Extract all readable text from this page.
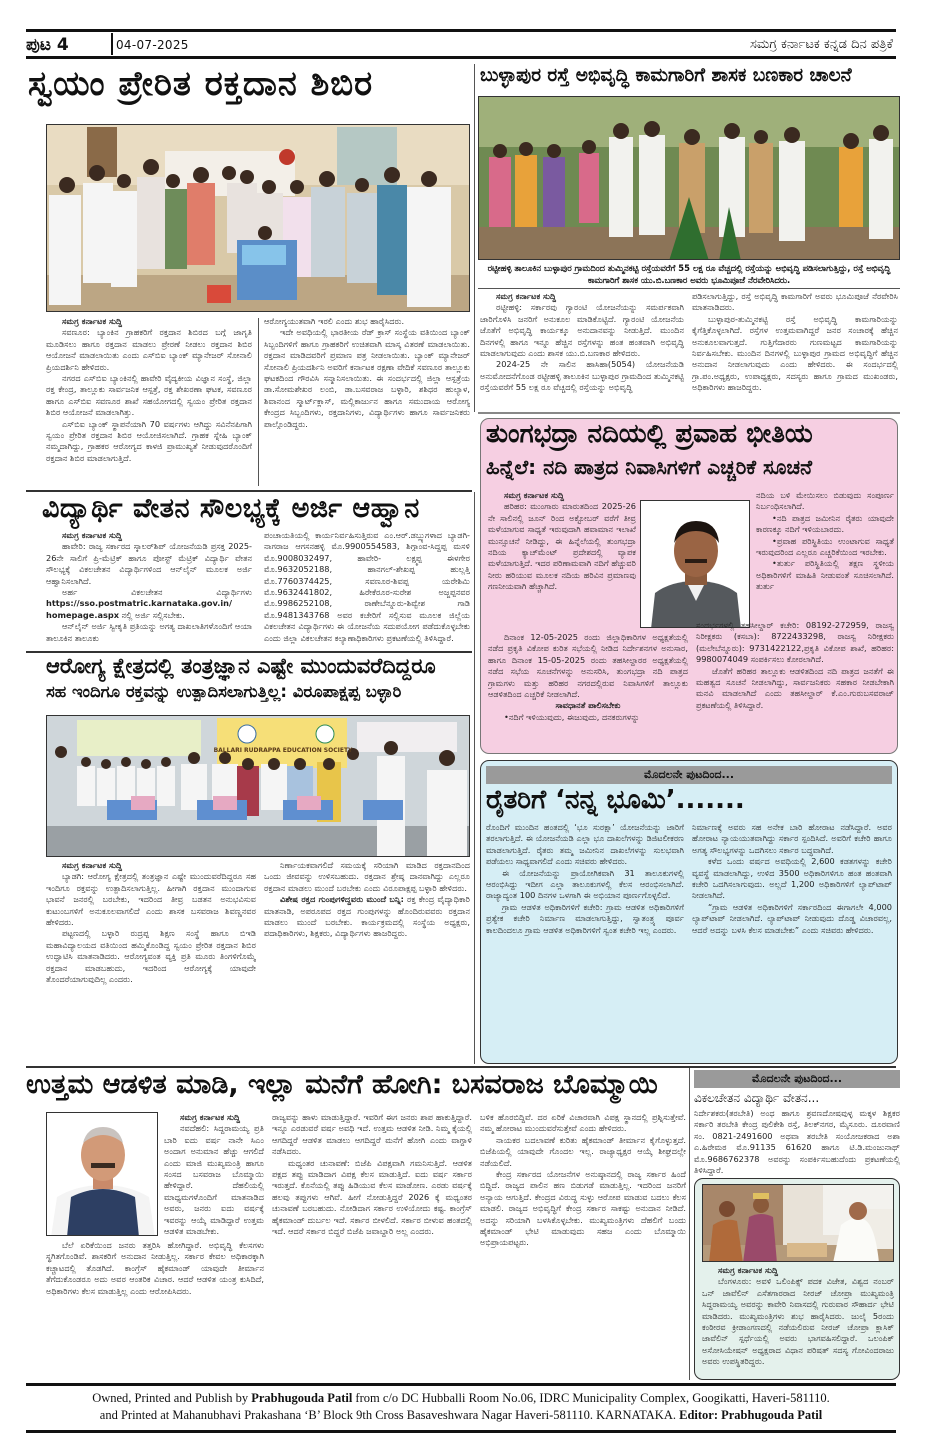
ಪುಟ 4	04-07-2025	ಸಮಗ್ರ ಕರ್ನಾಟಕ ಕನ್ನಡ ದಿನ ಪತ್ರಿಕೆ
ಸ್ವಯಂ ಪ್ರೇರಿತ ರಕ್ತದಾನ ಶಿಬಿರ
ಸಮಗ್ರ ಕರ್ನಾಟಕ ಸುದ್ದಿ

ಸವಣೂರ: ಬ್ಯಾಂಕಿನ ಗ್ರಾಹಕರಿಗೆ ರಕ್ತದಾನ ಶಿಬಿರದ ಬಗ್ಗೆ ಜಾಗೃತಿ ಮೂಡಿಸಲು ಹಾಗೂ ರಕ್ತದಾನ ಮಾಡಲು ಪ್ರೇರಣೆ ನೀಡಲು ರಕ್ತದಾನ ಶಿಬಿರ ಆಯೋಜನೆ ಮಾಡಲಾಯಿತು ಎಂದು ಎಸ್‌ಬಿಐ ಬ್ಯಾಂಕ್ ಮ್ಯಾನೇಜರ್ ಸೋನಾಲಿ ಪ್ರಿಯದರ್ಶಿನಿ ಹೇಳಿದರು.

ನಗರದ ಎಸ್‌ಬಿಐ ಬ್ಯಾಂಕಿನಲ್ಲಿ ಹಾವೇರಿ ವೈದ್ಯಕೀಯ ವಿಜ್ಞಾನ ಸಂಸ್ಥೆ, ಜಿಲ್ಲಾ ರಕ್ತ ಕೇಂದ್ರ, ತಾಲ್ಲೂಕು ಸಾರ್ವಜನಿಕ ಆಸ್ಪತ್ರೆ, ರಕ್ತ ಶೇಖರಣಾ ಘಟಕ, ಸವಣೂರ ಹಾಗೂ ಎಸ್‌ಬಿಐ ಸವಣೂರ ಶಾಖೆ ಸಹಯೋಗದಲ್ಲಿ ಸ್ವಯಂ ಪ್ರೇರಿತ ರಕ್ತದಾನ ಶಿಬಿರ ಆಯೋಜನೆ ಮಾಡಲಾಗಿತ್ತು.

ಎಸ್‌ಬಿಐ ಬ್ಯಾಂಕ್ ಸ್ಥಾಪನೆಯಾಗಿ 70 ವರ್ಷಗಳು ಆಗಿದ್ದು ಸವಿನೆನಪಿಗಾಗಿ ಸ್ವಯಂ ಪ್ರೇರಿತ ರಕ್ತದಾನ ಶಿಬಿರ ಆಯೋಜಿಸಲಾಗಿದೆ. ಗ್ರಾಹಕ ಸ್ನೇಹಿ ಬ್ಯಾಂಕ್ ನಮ್ಮದಾಗಿದ್ದು, ಗ್ರಾಹಕರ ಆರೋಗ್ಯದ ಕಾಳಜಿ ಪ್ರಾಮುಖ್ಯತೆ ನೀಡುವುದರೊಂದಿಗೆ ರಕ್ತದಾನ ಶಿಬಿರ ಮಾಡಲಾಗುತ್ತಿದೆ.

ಆರೋಗ್ಯಯುತವಾಗಿ ಇರಲಿ ಎಂದು ಶುಭ ಹಾರೈಸಿದರು.

ಇದೇ ಅವಧಿಯಲ್ಲಿ ಭಾರತೀಯ ರೆಡ್ ಕ್ರಾಸ್ ಸಂಸ್ಥೆಯ ವತಿಯಿಂದ ಬ್ಯಾಂಕ್ ಸಿಬ್ಬಂದಿಗಳಿಗೆ ಹಾಗೂ ಗ್ರಾಹಕರಿಗೆ ಉಚಿತವಾಗಿ ಮಾಸ್ಕ ವಿತರಣೆ ಮಾಡಲಾಯಿತು. ರಕ್ತದಾನ ಮಾಡಿದವರಿಗೆ ಪ್ರಮಾಣ ಪತ್ರ ನೀಡಲಾಯಿತು. ಬ್ಯಾಂಕ್ ಮ್ಯಾನೇಜರ್ ಸೋನಾಲಿ ಪ್ರಿಯದರ್ಶಿನಿ ಅವರಿಗೆ ಕರ್ನಾಟಕ ರಕ್ಷಣಾ ವೇದಿಕೆ ಸವಣೂರ ತಾಲ್ಲೂಕು ಘಟಕದಿಂದ ಗೌರವಿಸಿ ಸನ್ಮಾನಿಸಲಾಯಿತು. ಈ ಸಂದರ್ಭದಲ್ಲಿ ಜಿಲ್ಲಾ ಆಸ್ಪತ್ರೆಯ ಡಾ.ಸೋಮಶೇಖರ ಲಂಬಿ, ಡಾ.ಬಸವರಾಜ ಬಳ್ಳಾರಿ, ಶಶಿಧರ ಹುಲ್ಯಾಳ, ಶಿವಾನಂದ ಸ್ಮಾರ್ಟ್‌ಕ್ಲಾಸ್, ಮಲ್ಲಿಕಾರ್ಜುನ ಹಾಗೂ ಸಮುದಾಯ ಆರೋಗ್ಯ ಕೇಂದ್ರದ ಸಿಬ್ಬಂದಿಗಳು, ರಕ್ತದಾನಿಗಳು, ವಿದ್ಯಾರ್ಥಿಗಳು ಹಾಗೂ ಸಾರ್ವಜನಿಕರು ಪಾಲ್ಗೊಂಡಿದ್ದರು.

ಬುಳ್ಳಾಪುರ ರಸ್ತೆ ಅಭಿವೃದ್ಧಿ ಕಾಮಗಾರಿಗೆ ಶಾಸಕ ಬಣಕಾರ ಚಾಲನೆ
ರಟ್ಟೀಹಳ್ಳಿ ತಾಲೂಕಿನ ಬುಳ್ಳಾಪುರ ಗ್ರಾಮದಿಂದ ತುಮ್ಮಿನಕಟ್ಟಿ ರಸ್ತೆಯವರೆಗೆ 55 ಲಕ್ಷ ರೂ ವೆಚ್ಚದಲ್ಲಿ ರಸ್ತೆಯನ್ನು ಅಭಿವೃದ್ಧಿ ಪಡಿಸಲಾಗುತ್ತಿದ್ದು, ರಸ್ತೆ ಅಭಿವೃದ್ಧಿ ಕಾಮಗಾರಿಗೆ ಶಾಸಕ ಯು.ಬಿ.ಬಣಕಾರ ಅವರು ಭೂಮಿಪೂಜೆ ನೆರವೇರಿಸಿದರು.
ಸಮಗ್ರ ಕರ್ನಾಟಕ ಸುದ್ದಿ

ರಟ್ಟೀಹಳ್ಳಿ: ಸರ್ಕಾರವು ಗ್ಯಾರಂಟಿ ಯೋಜನೆಯನ್ನು ಸಮರ್ಪಕವಾಗಿ ಜಾರಿಗೊಳಿಸಿ ಜನರಿಗೆ ಅನುಕೂಲ ಮಾಡಿಕೊಟ್ಟಿದೆ. ಗ್ಯಾರಂಟಿ ಯೋಜನೆಯ ಜೊತೆಗೆ ಅಭಿವೃದ್ಧಿ ಕಾರ್ಯಕ್ಕೂ ಅನುದಾನವನ್ನು ನೀಡುತ್ತಿದೆ. ಮುಂದಿನ ದಿನಗಳಲ್ಲಿ ಹಾಗೂ ಇನ್ನೂ ಹೆಚ್ಚಿನ ರಸ್ತೆಗಳನ್ನು ಹಂತ ಹಂತವಾಗಿ ಅಭಿವೃದ್ಧಿ ಮಾಡಲಾಗುವುದು ಎಂದು ಶಾಸಕ ಯು.ಬಿ.ಬಣಕಾರ ಹೇಳಿದರು.

2024-25 ನೇ ಸಾಲಿನ ಹಾಸಿಹಾ(5054) ಯೋಜನೆಯಡಿ ಅನುಮೋದನೆಗೊಂಡ ರಟ್ಟೀಹಳ್ಳಿ ತಾಲೂಕಿನ ಬುಳ್ಳಾಪುರ ಗ್ರಾಮದಿಂದ ತುಮ್ಮಿನಕಟ್ಟಿ ರಸ್ತೆಯವರೆಗೆ 55 ಲಕ್ಷ ರೂ ವೆಚ್ಚದಲ್ಲಿ ರಸ್ತೆಯನ್ನು ಅಭಿವೃದ್ಧಿ

ಪಡಿಸಲಾಗುತ್ತಿದ್ದು, ರಸ್ತೆ ಅಭಿವೃದ್ಧಿ ಕಾಮಗಾರಿಗೆ ಅವರು ಭೂಮಿಪೂಜೆ ನೆರವೇರಿಸಿ ಮಾತನಾಡಿದರು.

ಬುಳ್ಳಾಪುರ-ತುಮ್ಮಿನಕಟ್ಟಿ ರಸ್ತೆ ಅಭಿವೃದ್ಧಿ ಕಾಮಗಾರಿಯನ್ನು ಕೈಗೆತ್ತಿಕೊಳ್ಳಲಾಗಿದೆ. ರಸ್ತೆಗಳ ಉತ್ತಮವಾಗಿದ್ದರೆ ಜನರ ಸಂಚಾರಕ್ಕೆ ಹೆಚ್ಚಿನ ಅನುಕೂಲವಾಗುತ್ತದೆ. ಗುತ್ತಿಗೆದಾರರು ಗುಣಮಟ್ಟದ ಕಾಮಗಾರಿಯನ್ನು ನಿರ್ವಹಿಸಬೇಕು. ಮುಂದಿನ ದಿನಗಳಲ್ಲಿ ಬುಳ್ಳಾಪುರ ಗ್ರಾಮದ ಅಭಿವೃದ್ಧಿಗೆ ಹೆಚ್ಚಿನ ಅನುದಾನ ನೀಡಲಾಗುವುದು ಎಂದು ಹೇಳಿದರು. ಈ ಸಂದರ್ಭದಲ್ಲಿ ಗ್ರಾ.ಪಂ.ಅಧ್ಯಕ್ಷರು, ಉಪಾಧ್ಯಕ್ಷರು, ಸದಸ್ಯರು ಹಾಗೂ ಗ್ರಾಮದ ಮುಖಂಡರು, ಅಧಿಕಾರಿಗಳು ಹಾಜರಿದ್ದರು.

ವಿದ್ಯಾರ್ಥಿ ವೇತನ ಸೌಲಭ್ಯಕ್ಕೆ ಅರ್ಜಿ ಆಹ್ವಾನ
ಸಮಗ್ರ ಕರ್ನಾಟಕ ಸುದ್ದಿ

ಹಾವೇರಿ: ರಾಜ್ಯ ಸರ್ಕಾರದ ಸ್ಕಾಲರ್‌ಶಿಪ್ ಯೋಜನೆಯಡಿ ಪ್ರಸಕ್ತ 2025-26ನೇ ಸಾಲಿಗೆ ಪ್ರಿ-ಮೆಟ್ರಿಕ್ ಹಾಗೂ ಪೋಸ್ಟ್ ಮೆಟ್ರಿಕ್ ವಿದ್ಯಾರ್ಥಿ ವೇತನ ಸೌಲಭ್ಯಕ್ಕೆ ವಿಕಲಚೇತನ ವಿದ್ಯಾರ್ಥಿಗಳಿಂದ ಆನ್‌ಲೈನ್ ಮೂಲಕ ಅರ್ಜಿ ಆಹ್ವಾನಿಸಲಾಗಿದೆ.

ಅರ್ಹ ವಿಕಲಚೇತನ ವಿದ್ಯಾರ್ಥಿಗಳು https://sso.postmatric.karnataka.gov.in/ homepage.aspx ನಲ್ಲಿ ಅರ್ಜಿ ಸಲ್ಲಿಸಬೇಕು.

ಆನ್‌ಲೈನ್ ಅರ್ಜಿ ಸ್ವೀಕೃತಿ ಪ್ರತಿಯನ್ನು ಅಗತ್ಯ ದಾಖಲಾತಿಗಳೊಂದಿಗೆ ಆಯಾ ತಾಲೂಕಿನ ತಾಲೂಕು

ಪಂಚಾಯತಿಯಲ್ಲಿ ಕಾರ್ಯನಿರ್ವಹಿಸುತ್ತಿರುವ ಎಂ.ಆರ್.ಡಬ್ಲ್ಯುಗಳಾದ ಬ್ಯಾಡಗಿ-ನಾಗರಾಜ ಆಗಸನಹಳ್ಳಿ ಮೊ.9900554583, ಶಿಗ್ಗಾಂವ-ಸಿದ್ದಪ್ಪ ಮಸಳಿ ಮೊ.9008032497, ಹಾವೇರಿ- ಲಕ್ಷ್ಮಪ್ಪ ಈಳಗೇರ ಮೊ.9632052188, ಹಾನಗಲ್-ಶೇಖಪ್ಪ ಹುಲ್ಲತ್ತಿ ಮೊ.7760374425, ಸವಣೂರ-ಶಿವಪ್ಪ ಯರೇಶಿಮಿ ಮೊ.9632441802, ಹಿರೇಕೆರೂರ-ಸುರೇಶ ಅಜ್ಜಪ್ಪನವರ ಮೊ.9986252108, ರಾಣೇಬೆನ್ನೂರು-ಶಿವ್ವೇಶ ಗಾಡಿ ಮೊ.9481343768 ಅವರ ಕಚೇರಿಗೆ ಸಲ್ಲಿಸುವ ಮೂಲಕ ಜಿಲ್ಲೆಯ ವಿಕಲಚೇತನ ವಿದ್ಯಾರ್ಥಿಗಳು ಈ ಯೋಜನೆಯ ಸದುಪಯೋಗ ಪಡೆದುಕೊಳ್ಳಬೇಕು ಎಂದು ಜಿಲ್ಲಾ ವಿಕಲಚೇತನ ಕಲ್ಯಾಣಾಧಿಕಾರಿಗಳು ಪ್ರಕಟಣೆಯಲ್ಲಿ ತಿಳಿಸಿದ್ದಾರೆ.

ಆರೋಗ್ಯ ಕ್ಷೇತ್ರದಲ್ಲಿ ತಂತ್ರಜ್ಞಾನ ಎಷ್ಟೇ ಮುಂದುವರೆದಿದ್ದರೂ
ಸಹ ಇಂದಿಗೂ ರಕ್ತವನ್ನು ಉತ್ಪಾದಿಸಲಾಗುತ್ತಿಲ್ಲ: ವಿರೂಪಾಕ್ಷಪ್ಪ ಬಳ್ಳಾರಿ
BALLARI RUDRAPPA EDUCATION SOCIETY
ಸಮಗ್ರ ಕರ್ನಾಟಕ ಸುದ್ದಿ

ಬ್ಯಾಡಗಿ: ಆರೋಗ್ಯ ಕ್ಷೇತ್ರದಲ್ಲಿ ತಂತ್ರಜ್ಞಾನ ಎಷ್ಟೇ ಮುಂದುವರೆದಿದ್ದರೂ ಸಹ ಇಂದಿಗೂ ರಕ್ತವನ್ನು ಉತ್ಪಾದಿಸಲಾಗುತ್ತಿಲ್ಲ. ಹೀಗಾಗಿ ರಕ್ತದಾನ ಮುಂದಾಗುವ ಭಾವನೆ ಜನರಲ್ಲಿ ಬರಬೇಕು, ಇದರಿಂದ ತೀವ್ರ ಬಡತನ ಅನುಭವಿಸುವ ಕುಟುಂಬಗಳಿಗೆ ಅನುಕೂಲವಾಗಲಿದೆ ಎಂದು ಶಾಸಕ ಬಸವರಾಜ ಶಿವಣ್ಣನವರ ಹೇಳಿದರು.

ಪಟ್ಟಣದಲ್ಲಿ ಬಳ್ಳಾರಿ ರುದ್ರಪ್ಪ ಶಿಕ್ಷಣ ಸಂಸ್ಥೆ ಹಾಗೂ ಬಿಇಡಿ ಮಹಾವಿದ್ಯಾಲಯದ ವತಿಯಿಂದ ಹಮ್ಮಿಕೊಂಡಿದ್ದ ಸ್ವಯಂ ಪ್ರೇರಿತ ರಕ್ತದಾನ ಶಿಬಿರ ಉದ್ಘಾಟಿಸಿ ಮಾತನಾಡಿದರು. ಆರೋಗ್ಯವಂತ ವ್ಯಕ್ತಿ ಪ್ರತಿ ಮೂರು ತಿಂಗಳಿಗೊಮ್ಮೆ ರಕ್ತದಾನ ಮಾಡಬಹುದು, ಇದರಿಂದ ಆರೋಗ್ಯಕ್ಕೆ ಯಾವುದೇ ತೊಂದರೆಯಾಗುವುದಿಲ್ಲ ಎಂದರು.

ನಿರ್ಣಾಯಕವಾಗಲಿದೆ ಸಮಯಕ್ಕೆ ಸರಿಯಾಗಿ ಮಾಡಿದ ರಕ್ತದಾನದಿಂದ ಒಂದು ಜೀವವನ್ನು ಉಳಿಸಬಹುದು. ರಕ್ತದಾನ ಶ್ರೇಷ್ಠ ದಾನವಾಗಿದ್ದು ಎಲ್ಲರೂ ರಕ್ತದಾನ ಮಾಡಲು ಮುಂದೆ ಬರಬೇಕು ಎಂದು ವಿರೂಪಾಕ್ಷಪ್ಪ ಬಳ್ಳಾರಿ ಹೇಳಿದರು.

ವಿಶೇಷ ರಕ್ತದ ಗುಂಪುಗಳಿದ್ದವರು ಮುಂದೆ ಬನ್ನಿ: ರಕ್ತ ಕೇಂದ್ರ ವೈದ್ಯಾಧಿಕಾರಿ ಮಾತನಾಡಿ, ಅಪರೂಪದ ರಕ್ತದ ಗುಂಪುಗಳನ್ನು ಹೊಂದಿರುವವರು ರಕ್ತದಾನ ಮಾಡಲು ಮುಂದೆ ಬರಬೇಕು. ಕಾರ್ಯಕ್ರಮದಲ್ಲಿ ಸಂಸ್ಥೆಯ ಅಧ್ಯಕ್ಷರು, ಪದಾಧಿಕಾರಿಗಳು, ಶಿಕ್ಷಕರು, ವಿದ್ಯಾರ್ಥಿಗಳು ಹಾಜರಿದ್ದರು.

ತುಂಗಭದ್ರಾ ನದಿಯಲ್ಲಿ ಪ್ರವಾಹ ಭೀತಿಯ
ಹಿನ್ನೆಲೆ: ನದಿ ಪಾತ್ರದ ನಿವಾಸಿಗಳಿಗೆ ಎಚ್ಚರಿಕೆ ಸೂಚನೆ
ಸಮಗ್ರ ಕರ್ನಾಟಕ ಸುದ್ದಿ

ಹರಿಹರ: ಮುಂಗಾರು ಮಾರುತದಿಂದ 2025-26 ನೇ ಸಾಲಿನಲ್ಲಿ ಜೂನ್ ರಿಂದ ಅಕ್ಟೋಬರ್ ವರೆಗೆ ತೀವ್ರ ಮಳೆಯಾಗುವ ಸಾಧ್ಯತೆ ಇರುವುದಾಗಿ ಹವಾಮಾನ ಇಲಾಖೆ ಮುನ್ಸೂಚನೆ ನೀಡಿದ್ದು, ಈ ಹಿನ್ನೆಲೆಯಲ್ಲಿ ತುಂಗಭದ್ರಾ ನದಿಯ ಕ್ಯಾಚ್‌ಮೆಂಟ್ ಪ್ರದೇಶದಲ್ಲಿ ವ್ಯಾಪಕ ಮಳೆಯಾಗುತ್ತಿದೆ. ಇದರ ಪರಿಣಾಮವಾಗಿ ನದಿಗೆ ಹೆಚ್ಚುವರಿ ನೀರು ಹರಿಯುವ ಮೂಲಕ ನದಿಯ ಹರಿವಿನ ಪ್ರಮಾಣವು ಗಣನೀಯವಾಗಿ ಹೆಚ್ಚಾಗಿದೆ.

ನದಿಯ ಬಳಿ ಮೇಯಿಸಲು ಬಿಡುವುದು ಸಂಪೂರ್ಣ ನಿರ್ಬಂಧಿಸಲಾಗಿದೆ.

•ನದಿ ಪಾತ್ರದ ಜಮೀನಿನ ರೈತರು ಯಾವುದೇ ಕಾರಣಕ್ಕೂ ನದಿಗೆ ಇಳಿಯಬಾರದು.

•ಪ್ರವಾಹ ಪರಿಸ್ಥಿತಿಯು ಉಂಟಾಗುವ ಸಾಧ್ಯತೆ ಇರುವುದರಿಂದ ಎಲ್ಲರೂ ಎಚ್ಚರಿಕೆಯಿಂದ ಇರಬೇಕು.

•ತುರ್ತು ಪರಿಸ್ಥಿತಿಯಲ್ಲಿ ತಕ್ಷಣ ಸ್ಥಳೀಯ ಅಧಿಕಾರಿಗಳಿಗೆ ಮಾಹಿತಿ ನೀಡುವಂತೆ ಸೂಚಿಸಲಾಗಿದೆ. ತುರ್ತು

ದಿನಾಂಕ 12-05-2025 ರಂದು ಜಿಲ್ಲಾಧಿಕಾರಿಗಳ ಅಧ್ಯಕ್ಷತೆಯಲ್ಲಿ ನಡೆದ ಪ್ರಕೃತಿ ವಿಕೋಪ ಕುರಿತ ಸಭೆಯಲ್ಲಿ ನೀಡಿದ ನಿರ್ದೇಶನಗಳ ಅನುಸಾರ, ಹಾಗೂ ದಿನಾಂಕ 15-05-2025 ರಂದು ತಹಸೀಲ್ದಾರರ ಅಧ್ಯಕ್ಷತೆಯಲ್ಲಿ ನಡೆದ ಸಭೆಯ ಸೂಚನೆಗಳನ್ನು ಅನುಸರಿಸಿ, ತುಂಗಭದ್ರಾ ನದಿ ಪಾತ್ರದ ಗ್ರಾಮಗಳು ಮತ್ತು ಹರಿಹರ ನಗರದಲ್ಲಿರುವ ನಿವಾಸಿಗಳಿಗೆ ತಾಲ್ಲೂಕು ಆಡಳಿತದಿಂದ ಎಚ್ಚರಿಕೆ ನೀಡಲಾಗಿದೆ.

ಸಾವಧಾನತೆ ಪಾಲಿಸಬೇಕು

•ನದಿಗೆ ಇಳಿಯುವುದು, ಈಜುವುದು, ದನಕರುಗಳನ್ನು

ಸಂದರ್ಭಗಳಲ್ಲಿ ತಹಸೀಲ್ದಾರ್ ಕಚೇರಿ: 08192-272959, ರಾಜಸ್ವ ನಿರೀಕ್ಷಕರು (ಕಸಬಾ): 8722433298, ರಾಜಸ್ವ ನಿರೀಕ್ಷಕರು (ಮಲೇಬೆನ್ನೂರು): 9731422122,ಪ್ರಕೃತಿ ವಿಕೋಪ ಶಾಖೆ, ಹರಿಹರ: 9980074049 ಸಂಪರ್ಕಿಸಲು ಕೋರಲಾಗಿದೆ.

ಜೊತೆಗೆ ಹರಿಹರ ತಾಲ್ಲೂಕು ಆಡಳಿತದಿಂದ ನದಿ ಪಾತ್ರದ ಜನತೆಗೆ ಈ ಮಹತ್ವದ ಸೂಚನೆ ನೀಡಲಾಗಿದ್ದು, ಸಾರ್ವಜನಿಕರು ಸಹಕಾರ ನೀಡಬೇಕಾಗಿ ಮನವಿ ಮಾಡಲಾಗಿದೆ ಎಂದು ತಹಸೀಲ್ದಾರ್ ಕೆ.ಎಂ.ಗುರುಬಸವರಾಜ್ ಪ್ರಕಟಣೆಯಲ್ಲಿ ತಿಳಿಸಿದ್ದಾರೆ.

ಮೊದಲನೇ ಪುಟದಿಂದ...
ರೈತರಿಗೆ ‘ನನ್ನ ಭೂಮಿ’.......

ರೊಂದಿಗೆ ಮುಂದಿನ ಹಂತದಲ್ಲಿ ‘ಭೂ ಸುರಕ್ಷಾ’ ಯೋಜನೆಯನ್ನು ಜಾರಿಗೆ ತರಲಾಗುತ್ತಿದೆ. ಈ ಯೋಜನೆಯಡಿ ಎಲ್ಲಾ ಭೂ ದಾಖಲೆಗಳನ್ನು ಡಿಜಿಟಲೀಕರಣ ಮಾಡಲಾಗುತ್ತಿದೆ. ರೈತರು ತಮ್ಮ ಜಮೀನಿನ ದಾಖಲೆಗಳನ್ನು ಸುಲಭವಾಗಿ ಪಡೆಯಲು ಸಾಧ್ಯವಾಗಲಿದೆ ಎಂದು ಸಚಿವರು ಹೇಳಿದರು.

ಈ ಯೋಜನೆಯನ್ನು ಪ್ರಾಯೋಗಿಕವಾಗಿ 31 ತಾಲೂಕುಗಳಲ್ಲಿ ಆರಂಭಿಸಿದ್ದು ಇದೀಗ ಎಲ್ಲಾ ತಾಲೂಕುಗಳಲ್ಲಿ ಕೆಲಸ ಆರಂಭಿಸಲಾಗಿದೆ. ರಾಜ್ಯಾದ್ಯಂತ 100 ದಿನಗಳ ಒಳಗಾಗಿ ಈ ಅಭಿಯಾನ ಪೂರ್ಣಗೊಳ್ಳಲಿದೆ.

ಗ್ರಾಮ ಆಡಳಿತ ಅಧಿಕಾರಿಗಳಿಗೆ ಕಚೇರಿ: ಗ್ರಾಮ ಆಡಳಿತ ಅಧಿಕಾರಿಗಳಿಗೆ ಪ್ರತ್ಯೇಕ ಕಚೇರಿ ನಿರ್ಮಾಣ ಮಾಡಲಾಗುತ್ತಿದ್ದು, ಸ್ವಾತಂತ್ರ್ಯ ಪೂರ್ವ ಕಾಲದಿಂದಲೂ ಗ್ರಾಮ ಆಡಳಿತ ಅಧಿಕಾರಿಗಳಿಗೆ ಸ್ವಂತ ಕಚೇರಿ ಇಲ್ಲ ಎಂದರು.

ನಿರ್ಮಾಣಕ್ಕೆ ಅವರು ಸಹ ಅನೇಕ ಬಾರಿ ಹೋರಾಟ ನಡೆಸಿದ್ದಾರೆ. ಅವರ ಹೋರಾಟ ನ್ಯಾಯಯುತವಾಗಿದ್ದು ಸರ್ಕಾರ ಸ್ಪಂದಿಸಿದೆ. ಅವರಿಗೆ ಕಚೇರಿ ಹಾಗೂ ಅಗತ್ಯ ಸೌಲಭ್ಯಗಳನ್ನು ಒದಗಿಸಲು ಸರ್ಕಾರ ಬದ್ಧವಾಗಿದೆ.

ಕಳೆದ ಒಂದು ವರ್ಷದ ಅವಧಿಯಲ್ಲಿ 2,600 ಕಡತಗಳನ್ನು ಕಚೇರಿ ವ್ಯವಸ್ಥೆ ಮಾಡಲಾಗಿದ್ದು, ಉಳಿದ 3500 ಅಧಿಕಾರಿಗಳಿಗೂ ಹಂತ ಹಂತವಾಗಿ ಕಚೇರಿ ಒದಗಿಸಲಾಗುವುದು. ಅಲ್ಲದೆ 1,200 ಅಧಿಕಾರಿಗಳಿಗೆ ಲ್ಯಾಪ್‌ಟಾಪ್ ನೀಡಲಾಗಿದೆ.

“ಗ್ರಾಮ ಆಡಳಿತ ಅಧಿಕಾರಿಗಳಿಗೆ ಸರ್ಕಾರದಿಂದ ಈಗಾಗಲೇ 4,000 ಲ್ಯಾಪ್‌ಟಾಪ್ ನೀಡಲಾಗಿದೆ. ಲ್ಯಾಪ್‌ಟಾಪ್ ನೀಡುವುದು ದೊಡ್ಡ ವಿಚಾರವಲ್ಲ, ಆದರೆ ಅದನ್ನು ಬಳಸಿ ಕೆಲಸ ಮಾಡಬೇಕು” ಎಂದು ಸಚಿವರು ಹೇಳಿದರು.

ಉತ್ತಮ ಆಡಳಿತ ಮಾಡಿ, ಇಲ್ಲಾ ಮನೆಗೆ ಹೋಗಿ: ಬಸವರಾಜ ಬೊಮ್ಮಾಯಿ
ಸಮಗ್ರ ಕರ್ನಾಟಕ ಸುದ್ದಿ

ನವದೆಹಲಿ: ಸಿದ್ದರಾಮಯ್ಯ ಪ್ರತಿ ಬಾರಿ ಐದು ವರ್ಷ ನಾನೇ ಸಿಎಂ ಅಂದಾಗ ಅನುಮಾನ ಹೆಚ್ಚು ಆಗಲಿದೆ ಎಂದು ಮಾಜಿ ಮುಖ್ಯಮಂತ್ರಿ ಹಾಗೂ ಸಂಸದ ಬಸವರಾಜ ಬೊಮ್ಮಾಯಿ ಹೇಳಿದ್ದಾರೆ. ದೆಹಲಿಯಲ್ಲಿ ಮಾಧ್ಯಮಗಳೊಂದಿಗೆ ಮಾತನಾಡಿದ ಅವರು, ಜನರು ಐದು ವರ್ಷಕ್ಕೆ ಇವರನ್ನು ಆಯ್ಕೆ ಮಾಡಿದ್ದಾರೆ ಉತ್ತಮ ಆಡಳಿತ ಮಾಡಬೇಕು.

ಬೆಲೆ ಏರಿಕೆಯಿಂದ ಜನರು ತತ್ತರಿಸಿ ಹೋಗಿದ್ದಾರೆ. ಅಭಿವೃದ್ಧಿ ಕೆಲಸಗಳು ಸ್ಥಗಿತಗೊಂಡಿವೆ. ಶಾಸಕರಿಗೆ ಅನುದಾನ ನೀಡುತ್ತಿಲ್ಲ. ಸರ್ಕಾರ ಕೇವಲ ಅಧಿಕಾರಕ್ಕಾಗಿ ಕಚ್ಚಾಟದಲ್ಲಿ ತೊಡಗಿದೆ. ಕಾಂಗ್ರೆಸ್ ಹೈಕಮಾಂಡ್ ಯಾವುದೇ ತೀರ್ಮಾನ ತೆಗೆದುಕೊಂಡರೂ ಅದು ಅವರ ಆಂತರಿಕ ವಿಚಾರ. ಆದರೆ ಆಡಳಿತ ಯಂತ್ರ ಕುಸಿದಿದೆ, ಅಧಿಕಾರಿಗಳು ಕೆಲಸ ಮಾಡುತ್ತಿಲ್ಲ ಎಂದು ಆರೋಪಿಸಿದರು.

ರಾಜ್ಯವನ್ನು ಹಾಳು ಮಾಡುತ್ತಿದ್ದಾರೆ. ಇವರಿಗೆ ಈಗ ಜನರು ಶಾಪ ಹಾಕುತ್ತಿದ್ದಾರೆ. ಇನ್ನೂ ಎರಡುವರೆ ವರ್ಷ ಅವಧಿ ಇದೆ. ಉತ್ತಮ ಆಡಳಿತ ನೀಡಿ. ನಿಮ್ಮ ಕೈಯಲ್ಲಿ ಆಗದಿದ್ದರೆ ಆಡಳಿತ ಮಾಡಲು ಆಗದಿದ್ದರೆ ಮನೆಗೆ ಹೋಗಿ ಎಂದು ವಾಗ್ದಾಳಿ ನಡೆಸಿದರು.

ಮಧ್ಯಂತರ ಚುನಾವಣೆ: ಬಿಜೆಪಿ ವಿಪಕ್ಷವಾಗಿ ಗಮನಿಸುತ್ತಿದೆ. ಆಡಳಿತ ಪಕ್ಷದ ತಪ್ಪು ಮಾಡಿದಾಗ ವಿಪಕ್ಷ ಕೆಲಸ ಮಾಡುತ್ತಿದೆ. ಐದು ವರ್ಷ ಸರ್ಕಾರ ಇರುತ್ತದೆ. ಕೊನೆಯಲ್ಲಿ ತಪ್ಪು ಹಿಡಿಯುವ ಕೆಲಸ ಮಾಡೋಣ. ಎರಡು ವರ್ಷಕ್ಕೆ ಹಲವು ತಪ್ಪುಗಳು ಆಗಿವೆ. ಹೀಗೆ ನೋಡುತ್ತಿದ್ದರೆ 2026 ಕ್ಕೆ ಮಧ್ಯಂತರ ಚುನಾವಣೆ ಬರಬಹುದು. ನೋಡಿದಾಗ ಸರ್ಕಾರ ಉಳಿಯೋದು ಕಷ್ಟ. ಕಾಂಗ್ರೆಸ್ ಹೈಕಮಾಂಡ್ ದುರ್ಬಲ ಇದೆ. ಸರ್ಕಾರ ಬೀಳಲಿದೆ. ಸರ್ಕಾರ ಬೀಳುವ ಹಂತದಲ್ಲಿ ಇದೆ. ಆದರೆ ಸರ್ಕಾರ ಬಿದ್ದರೆ ಬಿಜೆಪಿ ಜವಾಬ್ದಾರಿ ಅಲ್ಲ ಎಂದರು.

ಬಳಿಕ ಹೊರಬಿದ್ದಿವೆ. ದರ ಏರಿಕೆ ವಿಚಾರವಾಗಿ ವಿಪಕ್ಷ ಸ್ಥಾನದಲ್ಲಿ ಪ್ರಶ್ನಿಸುತ್ತೇವೆ. ನಮ್ಮ ಹೋರಾಟ ಮುಂದುವರೆಸುತ್ತೇವೆ ಎಂದು ಹೇಳಿದರು.

ನಾಯಕರ ಬದಲಾವಣೆ ಕುರಿತು ಹೈಕಮಾಂಡ್ ತೀರ್ಮಾನ ಕೈಗೊಳ್ಳುತ್ತದೆ. ಬಿಜೆಪಿಯಲ್ಲಿ ಯಾವುದೇ ಗೊಂದಲ ಇಲ್ಲ. ರಾಜ್ಯಾಧ್ಯಕ್ಷರ ಆಯ್ಕೆ ಶೀಘ್ರದಲ್ಲೇ ನಡೆಯಲಿದೆ.

ಕೇಂದ್ರ ಸರ್ಕಾರದ ಯೋಜನೆಗಳ ಅನುಷ್ಠಾನದಲ್ಲಿ ರಾಜ್ಯ ಸರ್ಕಾರ ಹಿಂದೆ ಬಿದ್ದಿದೆ. ರಾಜ್ಯದ ಪಾಲಿನ ಹಣ ಬಿಡುಗಡೆ ಮಾಡುತ್ತಿಲ್ಲ. ಇದರಿಂದ ಜನರಿಗೆ ಅನ್ಯಾಯ ಆಗುತ್ತಿದೆ. ಕೇಂದ್ರದ ವಿರುದ್ಧ ಸುಳ್ಳು ಆರೋಪ ಮಾಡುವ ಬದಲು ಕೆಲಸ ಮಾಡಲಿ. ರಾಜ್ಯದ ಅಭಿವೃದ್ಧಿಗೆ ಕೇಂದ್ರ ಸರ್ಕಾರ ಸಾಕಷ್ಟು ಅನುದಾನ ನೀಡಿದೆ. ಅದನ್ನು ಸರಿಯಾಗಿ ಬಳಸಿಕೊಳ್ಳಬೇಕು. ಮುಖ್ಯಮಂತ್ರಿಗಳು ದೆಹಲಿಗೆ ಬಂದು ಹೈಕಮಾಂಡ್ ಭೇಟಿ ಮಾಡುವುದು ಸಹಜ ಎಂದು ಬೊಮ್ಮಾಯಿ ಅಭಿಪ್ರಾಯಪಟ್ಟರು.

ಮೊದಲನೇ ಪುಟದಿಂದ...
ವಿಕಲಚೇತನ ವಿದ್ಯಾರ್ಥಿ ವೇತನ...

ನಿರ್ದೇಶಕರು(ತರಬೇತಿ) ಅಂಧ ಹಾಗೂ ಶ್ರವಣದೋಷವುಳ್ಳ ಮಕ್ಕಳ ಶಿಕ್ಷಕರ ಸರ್ಕಾರಿ ತರಬೇತಿ ಕೇಂದ್ರ ಪುಲಿಕೇಶಿ ರಸ್ತೆ, ತಿಲಕ್‌ನಗರ, ಮೈಸೂರು. ದೂರವಾಣಿ ಸಂ. 0821-2491600 ಅಥವಾ ತರಬೇತಿ ಸಂಯೋಜಕರಾದ ಅಶಾ ಎ.ಹಿರೇಮಠ ಮೊ.91135 61620 ಹಾಗೂ ಟಿ.ಡಿ.ಮಂಜುನಾಥ್ ಮೊ.9686762378 ಅವರನ್ನು ಸಂಪರ್ಕಿಸಬಹುದೆಂದು ಪ್ರಕಟಣೆಯಲ್ಲಿ ತಿಳಿಸಿದ್ದಾರೆ.

ಸಮಗ್ರ ಕರ್ನಾಟಕ ಸುದ್ದಿ

ಬೆಂಗಳೂರು: ಅವಳಿ ಒಲಿಂಪಿಕ್ಸ್ ಪದಕ ವಿಜೇತ, ವಿಶ್ವದ ನಂಬರ್ ಒನ್ ಜಾವೆಲಿನ್ ಎಸೆತಗಾರರಾದ ನೀರಜ್ ಚೋಪ್ರಾ ಮುಖ್ಯಮಂತ್ರಿ ಸಿದ್ದರಾಮಯ್ಯ ಅವರನ್ನು ಕಾವೇರಿ ನಿವಾಸದಲ್ಲಿ ಗುರುವಾರ ಸೌಹಾರ್ದ ಭೇಟಿ ಮಾಡಿದರು. ಮುಖ್ಯಮಂತ್ರಿಗಳು ಶುಭ ಹಾರೈಸಿದರು. ಜುಲೈ 5ರಂದು ಕಂಠೀರವ ಕ್ರೀಡಾಂಗಣದಲ್ಲಿ ನಡೆಯಲಿರುವ ನೀರಜ್ ಚೋಪ್ರಾ ಕ್ಲಾಸಿಕ್ ಜಾವೆಲಿನ್ ಸ್ಪರ್ಧೆಯಲ್ಲಿ ಅವರು ಭಾಗವಹಿಸಲಿದ್ದಾರೆ. ಒಲಂಪಿಕ್ ಅಸೋಸಿಯೇಷನ್ ಅಧ್ಯಕ್ಷರಾದ ವಿಧಾನ ಪರಿಷತ್ ಸದಸ್ಯ ಗೋವಿಂದರಾಜು ಅವರು ಉಪಸ್ಥಿತರಿದ್ದರು.

Owned, Printed and Publish by Prabhugouda Patil from c/o DC Hubballi Room No.06, IDRC Municipality Complex, Googikatti, Haveri-581110.
and Printed at Mahanubhavi Prakashana ‘B’ Block 9th Cross Basaveshwara Nagar Haveri-581110. KARNATAKA. Editor: Prabhugouda Patil
